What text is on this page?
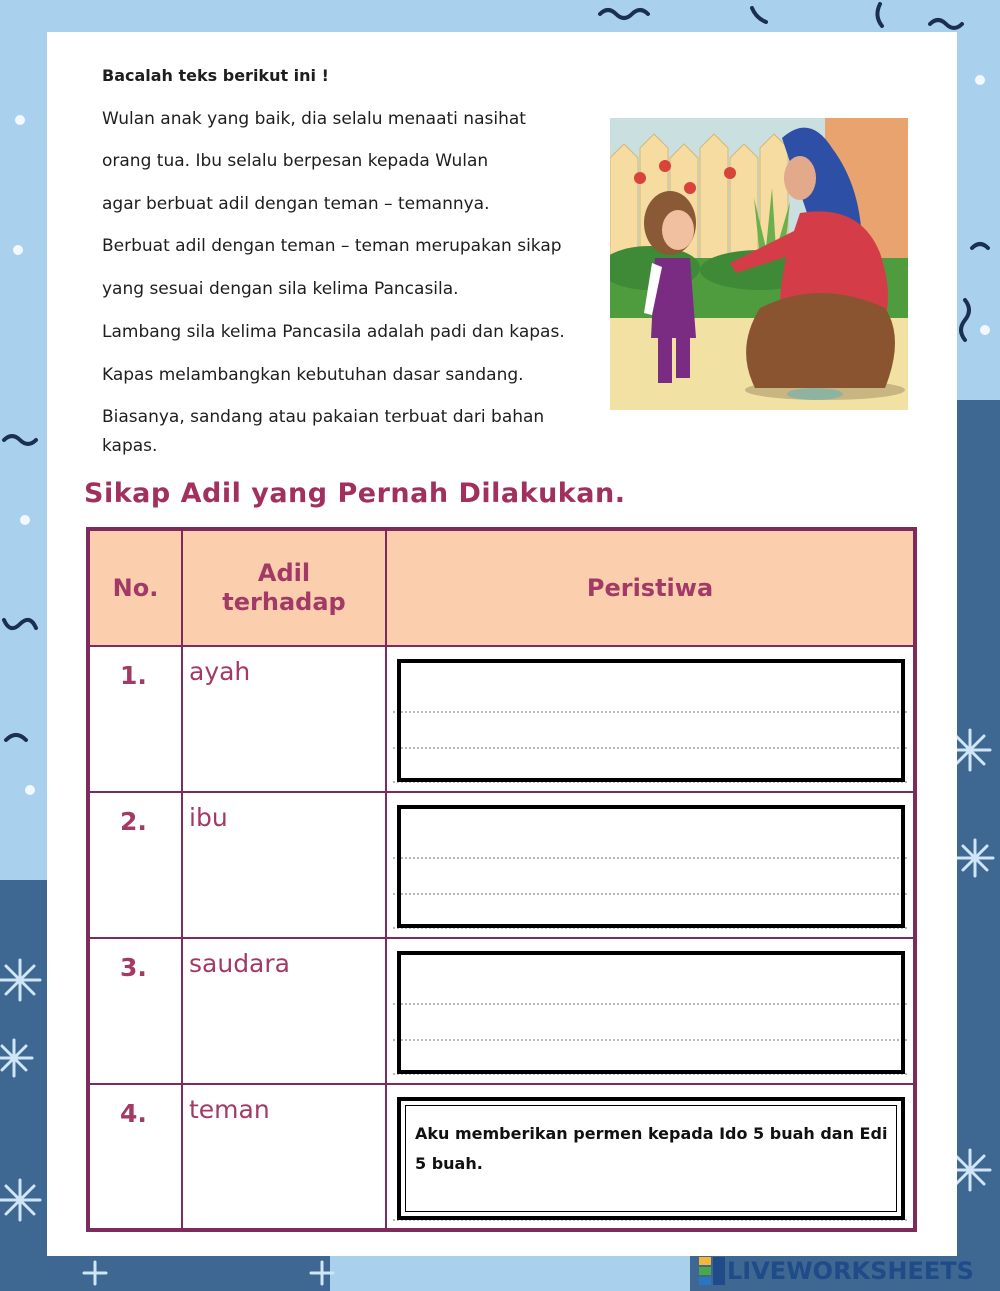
Bacalah teks berikut ini !
Wulan anak yang baik, dia selalu menaati nasihat
orang tua. Ibu selalu berpesan kepada Wulan
agar berbuat adil dengan teman – temannya.
Berbuat adil dengan teman – teman merupakan sikap
yang sesuai dengan sila kelima Pancasila.
Lambang sila kelima Pancasila adalah padi dan kapas.
Kapas melambangkan kebutuhan dasar sandang.
Biasanya, sandang atau pakaian terbuat dari bahan
kapas.
Sikap Adil yang Pernah Dilakukan.
No.	Adil terhadap	Peristiwa
1.	ayah	

2.	ibu	

3.	saudara	

4.	teman	Aku memberikan permen kepada Ido 5 buah dan Edi 5 buah.
LIVEWORKSHEETS
